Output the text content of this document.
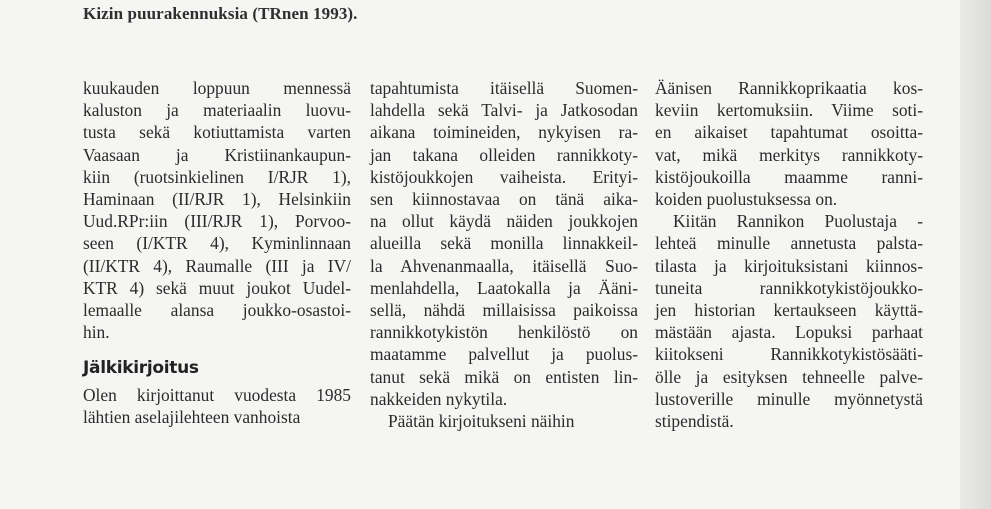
Kizin puurakennuksia (TRnen 1993).

kuukauden loppuun mennessä
kaluston ja materiaalin luovu-
tusta sekä kotiuttamista varten
Vaasaan ja Kristiinankaupun-
kiin (ruotsinkielinen I/RJR 1),
Haminaan (II/RJR 1), Helsinkiin
Uud.RPr:iin (III/RJR 1), Porvoo-
seen (I/KTR 4), Kyminlinnaan
(II/KTR 4), Raumalle (III ja IV/
KTR 4) sekä muut joukot Uudel-
lemaalle alansa joukko-osastoi-
hin.

Jälkikirjoitus

Olen kirjoittanut vuodesta 1985
lähtien aselajilehteen vanhoista

tapahtumista itäisellä Suomen-
lahdella sekä Talvi- ja Jatkosodan
aikana toimineiden, nykyisen ra-
jan takana olleiden rannikkoty-
kistöjoukkojen vaiheista. Erityi-
sen kiinnostavaa on tänä aika-
na ollut käydä näiden joukkojen
alueilla sekä monilla linnakkeil-
la Ahvenanmaalla, itäisellä Suo-
menlahdella, Laatokalla ja Ääni-
sellä, nähdä millaisissa paikoissa
rannikkotykistön henkilöstö on
maatamme palvellut ja puolus-
tanut sekä mikä on entisten lin-
nakkeiden nykytila.

Päätän kirjoitukseni näihin

Äänisen Rannikkoprikaatia kos-
keviin kertomuksiin. Viime soti-
en aikaiset tapahtumat osoitta-
vat, mikä merkitys rannikkoty-
kistöjoukoilla maamme ranni-
koiden puolustuksessa on.

Kiitän Rannikon Puolustaja -
lehteä minulle annetusta palsta-
tilasta ja kirjoituksistani kiinnos-
tuneita rannikkotykistöjoukko-
jen historian kertaukseen käyttä-
mästään ajasta. Lopuksi parhaat
kiitokseni Rannikkotykistösääti-
ölle ja esityksen tehneelle palve-
lustoverille minulle myönnetystä
stipendistä.
